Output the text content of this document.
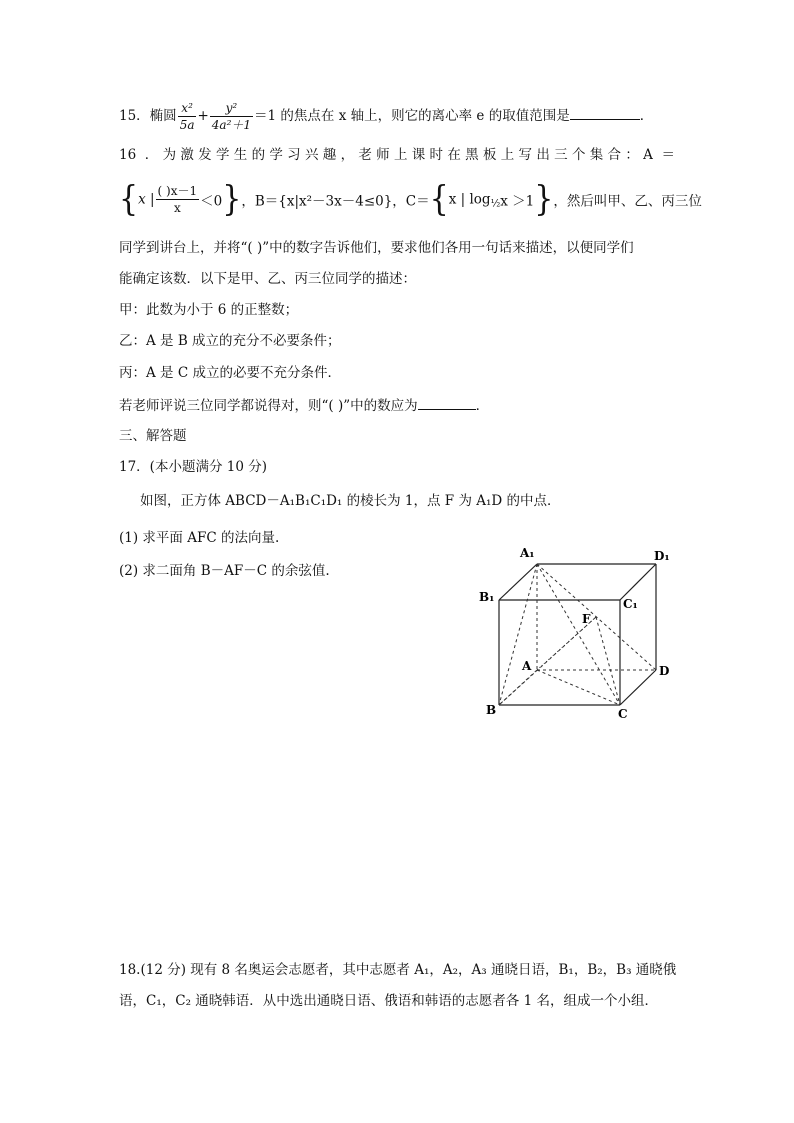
15．椭圆 $\frac{\text{x²}}{5a} + \frac{\text{y²}}{\text{4a²＋1}} =1$ 的焦点在 x 轴上，则它的离心率 e 的取值范围是	．
16 ．为激发学生的学习兴趣，老师上课时在黑板上写出三个集合：A ＝
{x | $\frac{( )x-1}{x} <0$}，B＝{x|x²－3x－4≤0}，C＝{x | $\log_{\frac{1}{2}}x >1$}，然后叫甲、乙、丙三位
同学到讲台上，并将“( )”中的数字告诉他们，要求他们各用一句话来描述，以便同学们
能确定该数．以下是甲、乙、丙三位同学的描述：
甲：此数为小于 6 的正整数；
乙：A 是 B 成立的充分不必要条件；
丙：A 是 C 成立的必要不充分条件．
若老师评说三位同学都说得对，则“( )”中的数应为	．
三、解答题
17．(本小题满分 10 分)
如图，正方体 ABCD－A₁B₁C₁D₁ 的棱长为 1，点 F 为 A₁D 的中点．
(1) 求平面 AFC 的法向量.
(2) 求二面角 B－AF－C 的余弦值.
A₁	D₁
B₁	C₁
F
A	D
B	C
18.(12 分) 现有 8 名奥运会志愿者，其中志愿者 A₁，A₂，A₃ 通晓日语，B₁，B₂，B₃ 通晓俄
语，C₁，C₂ 通晓韩语．从中选出通晓日语、俄语和韩语的志愿者各 1 名，组成一个小组．
